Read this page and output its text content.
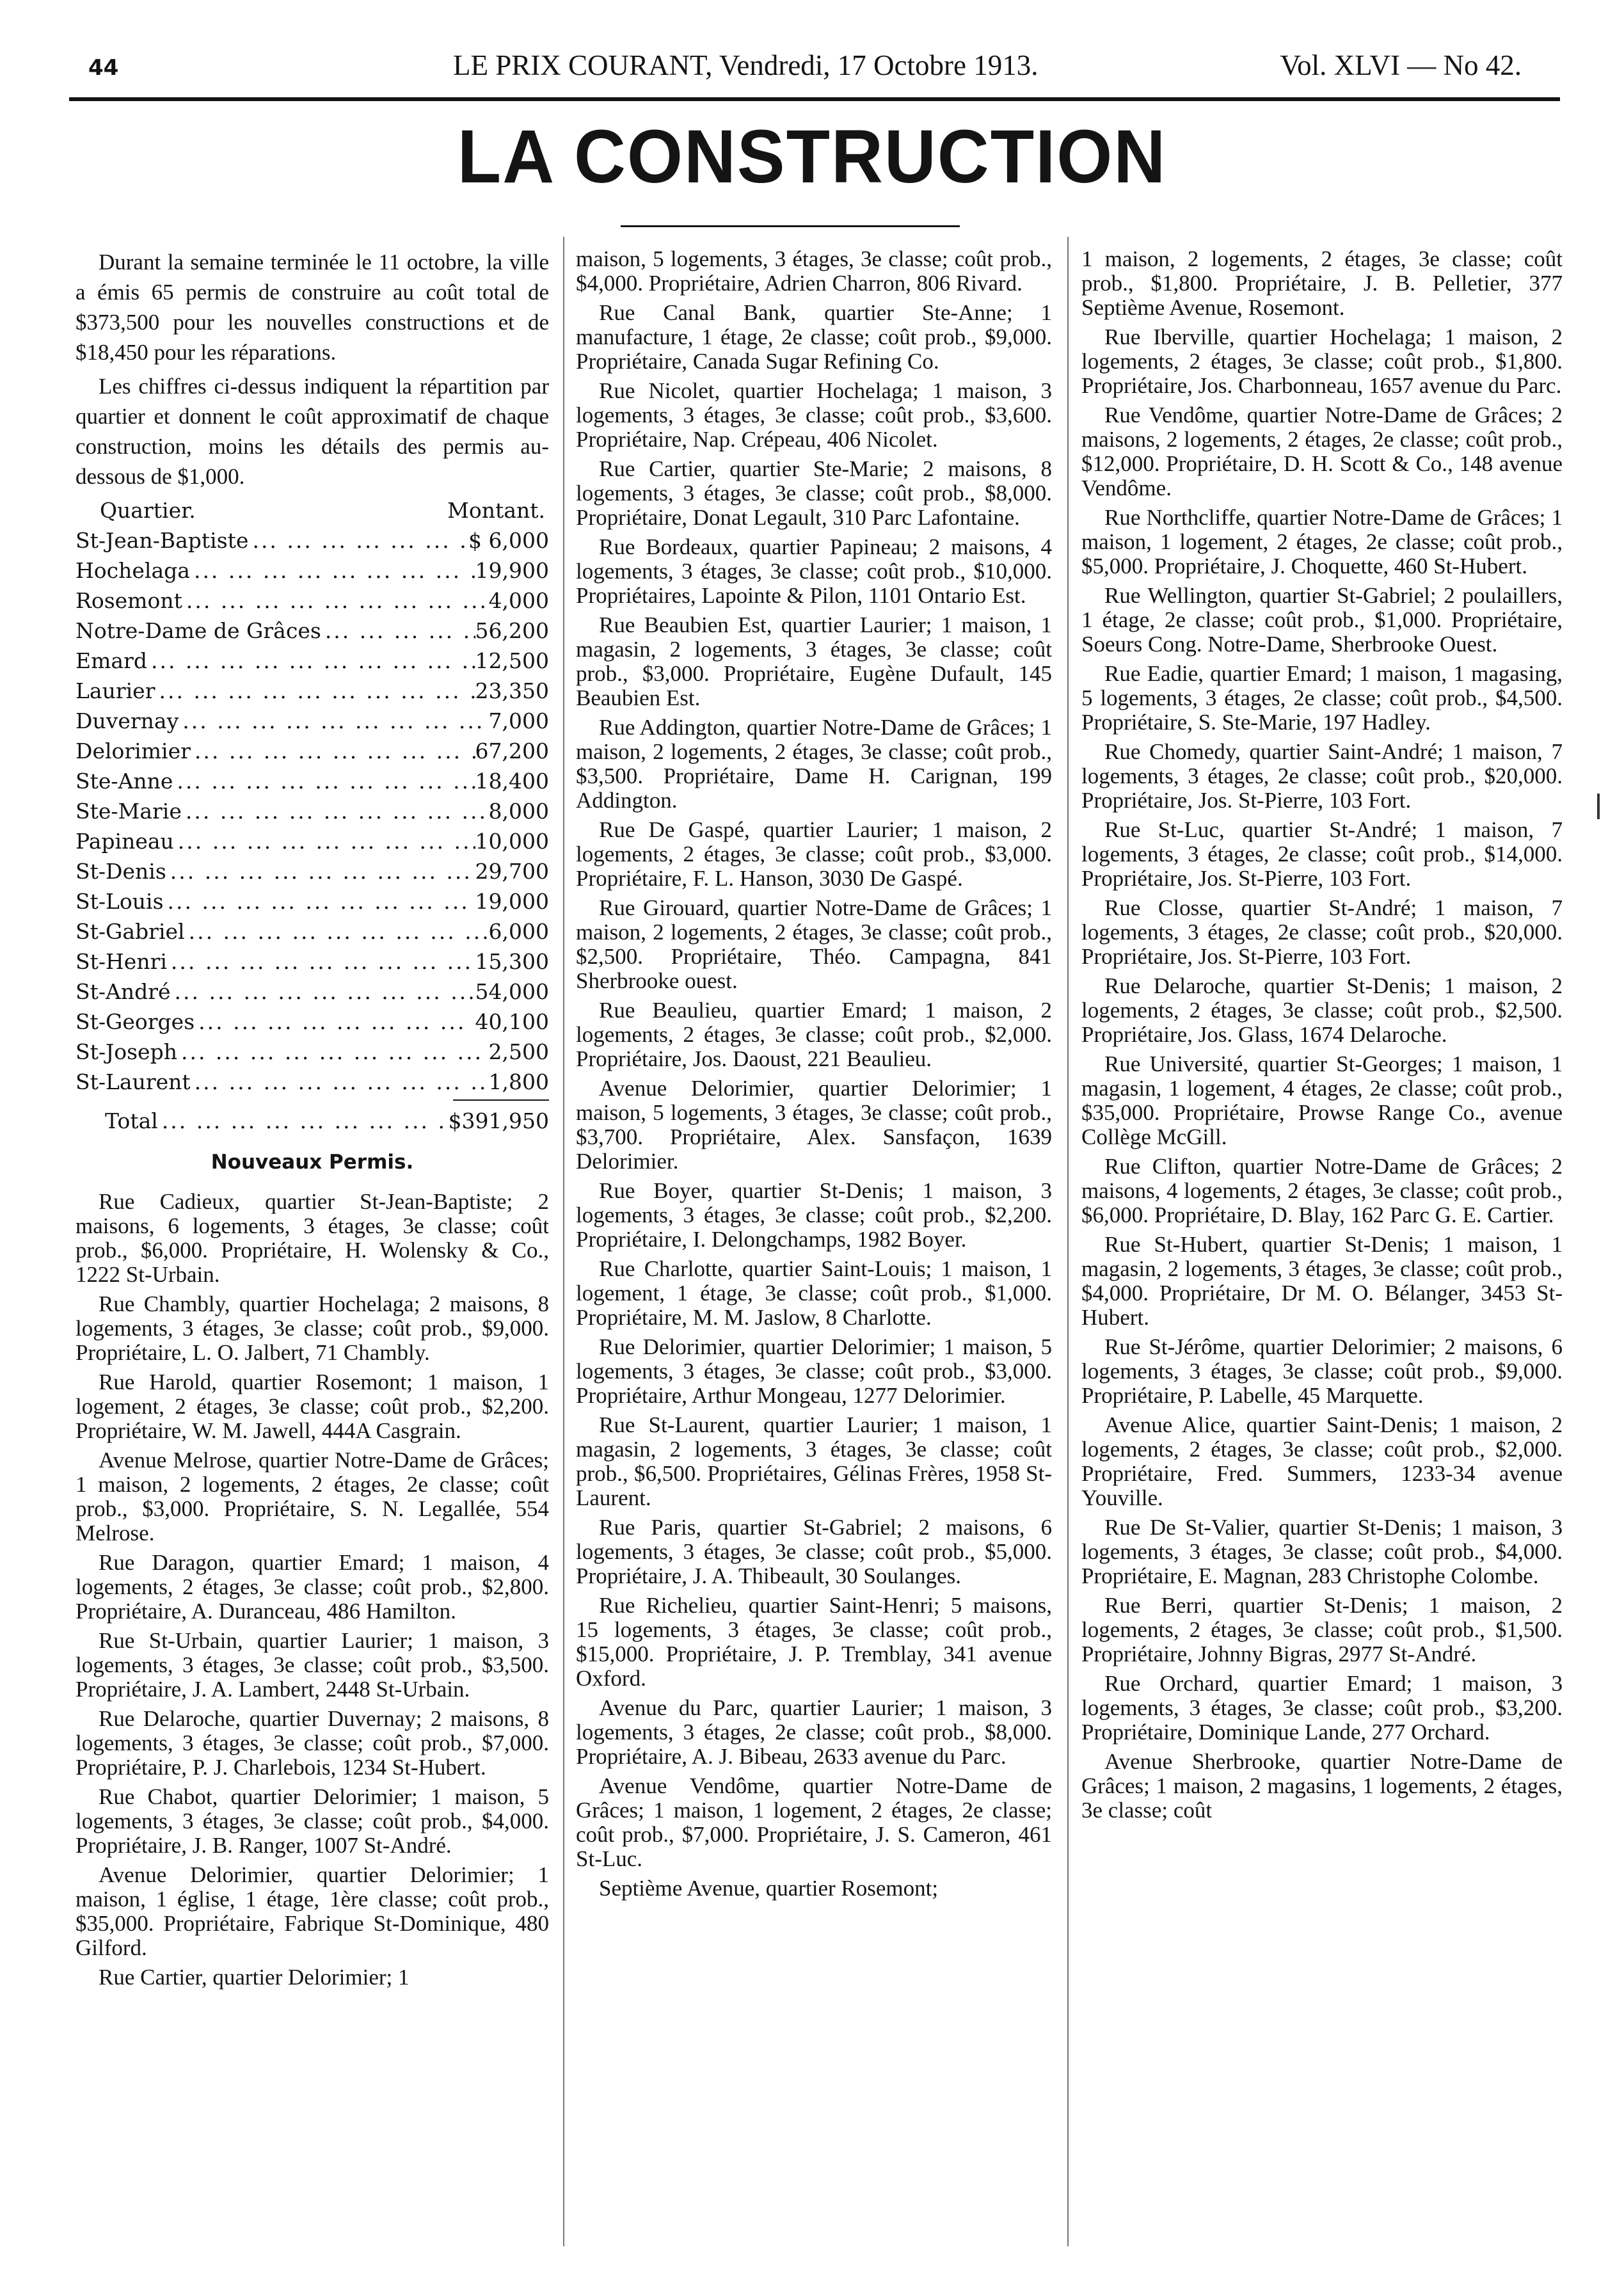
44	LE PRIX COURANT, Vendredi, 17 Octobre 1913.	Vol. XLVI — No 42.
LA CONSTRUCTION

Durant la semaine terminée le 11 octobre, la ville a émis 65 permis de construire au coût total de $373,500 pour les nouvelles constructions et de $18,450 pour les réparations.

Les chiffres ci-dessus indiquent la répartition par quartier et donnent le coût approximatif de chaque construction, moins les détails des permis au-dessous de $1,000.

Quartier.	Montant.
St-Jean-Baptiste ... .	$ 6,000
Hochelaga ... .	19,900
Rosemont ... .	4,000
Notre-Dame de Grâces ... .	56,200
Emard ... .	12,500
Laurier ... .	23,350
Duvernay ... .	7,000
Delorimier ... .	67,200
Ste-Anne ... .	18,400
Ste-Marie ... .	8,000
Papineau ... .	10,000
St-Denis ... .	29,700
St-Louis ... .	19,000
St-Gabriel ... .	6,000
St-Henri ... .	15,300
St-André ... .	54,000
St-Georges ... .	40,100
St-Joseph ... .	2,500
St-Laurent ... .	1,800
Total ... .	$391,950
Nouveaux Permis.

Rue Cadieux, quartier St-Jean-Baptiste; 2 maisons, 6 logements, 3 étages, 3e classe; coût prob., $6,000. Propriétaire, H. Wolensky & Co., 1222 St-Urbain.

Rue Chambly, quartier Hochelaga; 2 maisons, 8 logements, 3 étages, 3e classe; coût prob., $9,000. Propriétaire, L. O. Jalbert, 71 Chambly.

Rue Harold, quartier Rosemont; 1 maison, 1 logement, 2 étages, 3e classe; coût prob., $2,200. Propriétaire, W. M. Jawell, 444A Casgrain.

Avenue Melrose, quartier Notre-Dame de Grâces; 1 maison, 2 logements, 2 étages, 2e classe; coût prob., $3,000. Propriétaire, S. N. Legallée, 554 Melrose.

Rue Daragon, quartier Emard; 1 maison, 4 logements, 2 étages, 3e classe; coût prob., $2,800. Propriétaire, A. Duranceau, 486 Hamilton.

Rue St-Urbain, quartier Laurier; 1 maison, 3 logements, 3 étages, 3e classe; coût prob., $3,500. Propriétaire, J. A. Lambert, 2448 St-Urbain.

Rue Delaroche, quartier Duvernay; 2 maisons, 8 logements, 3 étages, 3e classe; coût prob., $7,000. Propriétaire, P. J. Charlebois, 1234 St-Hubert.

Rue Chabot, quartier Delorimier; 1 maison, 5 logements, 3 étages, 3e classe; coût prob., $4,000. Propriétaire, J. B. Ranger, 1007 St-André.

Avenue Delorimier, quartier Delorimier; 1 maison, 1 église, 1 étage, 1ère classe; coût prob., $35,000. Propriétaire, Fabrique St-Dominique, 480 Gilford.

Rue Cartier, quartier Delorimier; 1

maison, 5 logements, 3 étages, 3e classe; coût prob., $4,000. Propriétaire, Adrien Charron, 806 Rivard.

Rue Canal Bank, quartier Ste-Anne; 1 manufacture, 1 étage, 2e classe; coût prob., $9,000. Propriétaire, Canada Sugar Refining Co.

Rue Nicolet, quartier Hochelaga; 1 maison, 3 logements, 3 étages, 3e classe; coût prob., $3,600. Propriétaire, Nap. Crépeau, 406 Nicolet.

Rue Cartier, quartier Ste-Marie; 2 maisons, 8 logements, 3 étages, 3e classe; coût prob., $8,000. Propriétaire, Donat Legault, 310 Parc Lafontaine.

Rue Bordeaux, quartier Papineau; 2 maisons, 4 logements, 3 étages, 3e classe; coût prob., $10,000. Propriétaires, Lapointe & Pilon, 1101 Ontario Est.

Rue Beaubien Est, quartier Laurier; 1 maison, 1 magasin, 2 logements, 3 étages, 3e classe; coût prob., $3,000. Propriétaire, Eugène Dufault, 145 Beaubien Est.

Rue Addington, quartier Notre-Dame de Grâces; 1 maison, 2 logements, 2 étages, 3e classe; coût prob., $3,500. Propriétaire, Dame H. Carignan, 199 Addington.

Rue De Gaspé, quartier Laurier; 1 maison, 2 logements, 2 étages, 3e classe; coût prob., $3,000. Propriétaire, F. L. Hanson, 3030 De Gaspé.

Rue Girouard, quartier Notre-Dame de Grâces; 1 maison, 2 logements, 2 étages, 3e classe; coût prob., $2,500. Propriétaire, Théo. Campagna, 841 Sherbrooke ouest.

Rue Beaulieu, quartier Emard; 1 maison, 2 logements, 2 étages, 3e classe; coût prob., $2,000. Propriétaire, Jos. Daoust, 221 Beaulieu.

Avenue Delorimier, quartier Delorimier; 1 maison, 5 logements, 3 étages, 3e classe; coût prob., $3,700. Propriétaire, Alex. Sansfaçon, 1639 Delorimier.

Rue Boyer, quartier St-Denis; 1 maison, 3 logements, 3 étages, 3e classe; coût prob., $2,200. Propriétaire, I. Delongchamps, 1982 Boyer.

Rue Charlotte, quartier Saint-Louis; 1 maison, 1 logement, 1 étage, 3e classe; coût prob., $1,000. Propriétaire, M. M. Jaslow, 8 Charlotte.

Rue Delorimier, quartier Delorimier; 1 maison, 5 logements, 3 étages, 3e classe; coût prob., $3,000. Propriétaire, Arthur Mongeau, 1277 Delorimier.

Rue St-Laurent, quartier Laurier; 1 maison, 1 magasin, 2 logements, 3 étages, 3e classe; coût prob., $6,500. Propriétaires, Gélinas Frères, 1958 St-Laurent.

Rue Paris, quartier St-Gabriel; 2 maisons, 6 logements, 3 étages, 3e classe; coût prob., $5,000. Propriétaire, J. A. Thibeault, 30 Soulanges.

Rue Richelieu, quartier Saint-Henri; 5 maisons, 15 logements, 3 étages, 3e classe; coût prob., $15,000. Propriétaire, J. P. Tremblay, 341 avenue Oxford.

Avenue du Parc, quartier Laurier; 1 maison, 3 logements, 3 étages, 2e classe; coût prob., $8,000. Propriétaire, A. J. Bibeau, 2633 avenue du Parc.

Avenue Vendôme, quartier Notre-Dame de Grâces; 1 maison, 1 logement, 2 étages, 2e classe; coût prob., $7,000. Propriétaire, J. S. Cameron, 461 St-Luc.

Septième Avenue, quartier Rosemont;

1 maison, 2 logements, 2 étages, 3e classe; coût prob., $1,800. Propriétaire, J. B. Pelletier, 377 Septième Avenue, Rosemont.

Rue Iberville, quartier Hochelaga; 1 maison, 2 logements, 2 étages, 3e classe; coût prob., $1,800. Propriétaire, Jos. Charbonneau, 1657 avenue du Parc.

Rue Vendôme, quartier Notre-Dame de Grâces; 2 maisons, 2 logements, 2 étages, 2e classe; coût prob., $12,000. Propriétaire, D. H. Scott & Co., 148 avenue Vendôme.

Rue Northcliffe, quartier Notre-Dame de Grâces; 1 maison, 1 logement, 2 étages, 2e classe; coût prob., $5,000. Propriétaire, J. Choquette, 460 St-Hubert.

Rue Wellington, quartier St-Gabriel; 2 poulaillers, 1 étage, 2e classe; coût prob., $1,000. Propriétaire, Soeurs Cong. Notre-Dame, Sherbrooke Ouest.

Rue Eadie, quartier Emard; 1 maison, 1 magasing, 5 logements, 3 étages, 2e classe; coût prob., $4,500. Propriétaire, S. Ste-Marie, 197 Hadley.

Rue Chomedy, quartier Saint-André; 1 maison, 7 logements, 3 étages, 2e classe; coût prob., $20,000. Propriétaire, Jos. St-Pierre, 103 Fort.

Rue St-Luc, quartier St-André; 1 maison, 7 logements, 3 étages, 2e classe; coût prob., $14,000. Propriétaire, Jos. St-Pierre, 103 Fort.

Rue Closse, quartier St-André; 1 maison, 7 logements, 3 étages, 2e classe; coût prob., $20,000. Propriétaire, Jos. St-Pierre, 103 Fort.

Rue Delaroche, quartier St-Denis; 1 maison, 2 logements, 2 étages, 3e classe; coût prob., $2,500. Propriétaire, Jos. Glass, 1674 Delaroche.

Rue Université, quartier St-Georges; 1 maison, 1 magasin, 1 logement, 4 étages, 2e classe; coût prob., $35,000. Propriétaire, Prowse Range Co., avenue Collège McGill.

Rue Clifton, quartier Notre-Dame de Grâces; 2 maisons, 4 logements, 2 étages, 3e classe; coût prob., $6,000. Propriétaire, D. Blay, 162 Parc G. E. Cartier.

Rue St-Hubert, quartier St-Denis; 1 maison, 1 magasin, 2 logements, 3 étages, 3e classe; coût prob., $4,000. Propriétaire, Dr M. O. Bélanger, 3453 St-Hubert.

Rue St-Jérôme, quartier Delorimier; 2 maisons, 6 logements, 3 étages, 3e classe; coût prob., $9,000. Propriétaire, P. Labelle, 45 Marquette.

Avenue Alice, quartier Saint-Denis; 1 maison, 2 logements, 2 étages, 3e classe; coût prob., $2,000. Propriétaire, Fred. Summers, 1233-34 avenue Youville.

Rue De St-Valier, quartier St-Denis; 1 maison, 3 logements, 3 étages, 3e classe; coût prob., $4,000. Propriétaire, E. Magnan, 283 Christophe Colombe.

Rue Berri, quartier St-Denis; 1 maison, 2 logements, 2 étages, 3e classe; coût prob., $1,500. Propriétaire, Johnny Bigras, 2977 St-André.

Rue Orchard, quartier Emard; 1 maison, 3 logements, 3 étages, 3e classe; coût prob., $3,200. Propriétaire, Dominique Lande, 277 Orchard.

Avenue Sherbrooke, quartier Notre-Dame de Grâces; 1 maison, 2 magasins, 1 logements, 2 étages, 3e classe; coût
